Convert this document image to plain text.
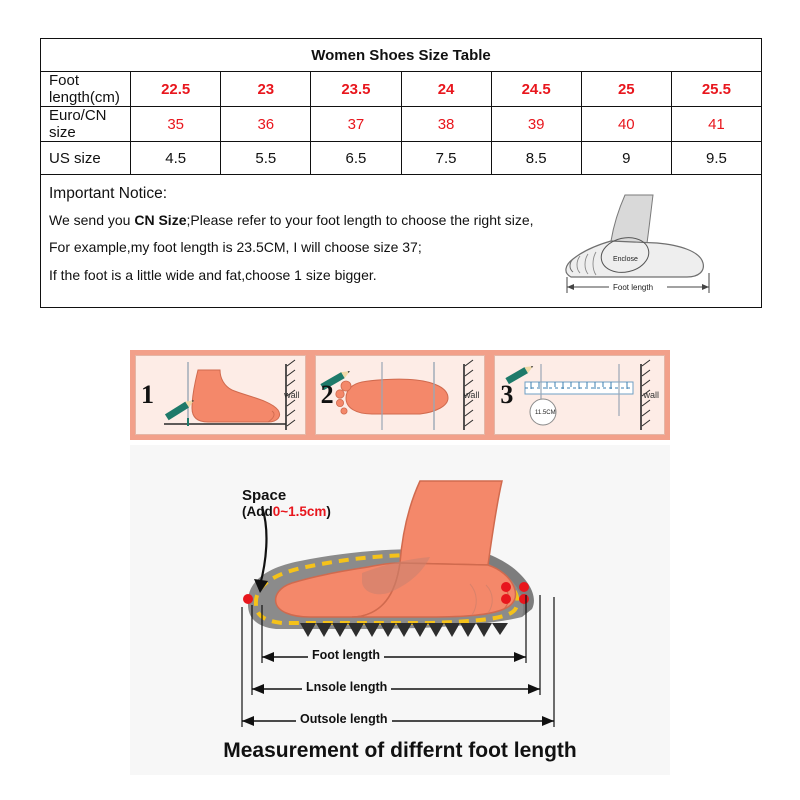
Women Shoes Size Table							
Foot length(cm)	22.5	23	23.5	24	24.5	25	25.5
Euro/CN size	35	36	37	38	39	40	41
US size	4.5	5.5	6.5	7.5	8.5	9	9.5
Important Notice:
We send you CN Size;Please refer to your foot length to choose the right size,
For example,my foot length is 23.5CM, I will choose size 37;
If the foot is a little wide and fat,choose 1 size bigger.
Enclose
Foot length
1	wall 2	wall
11.5CM
3	wall
Space
(Add0~1.5cm)
Foot length
Lnsole length
Outsole length
Measurement of differnt foot length
